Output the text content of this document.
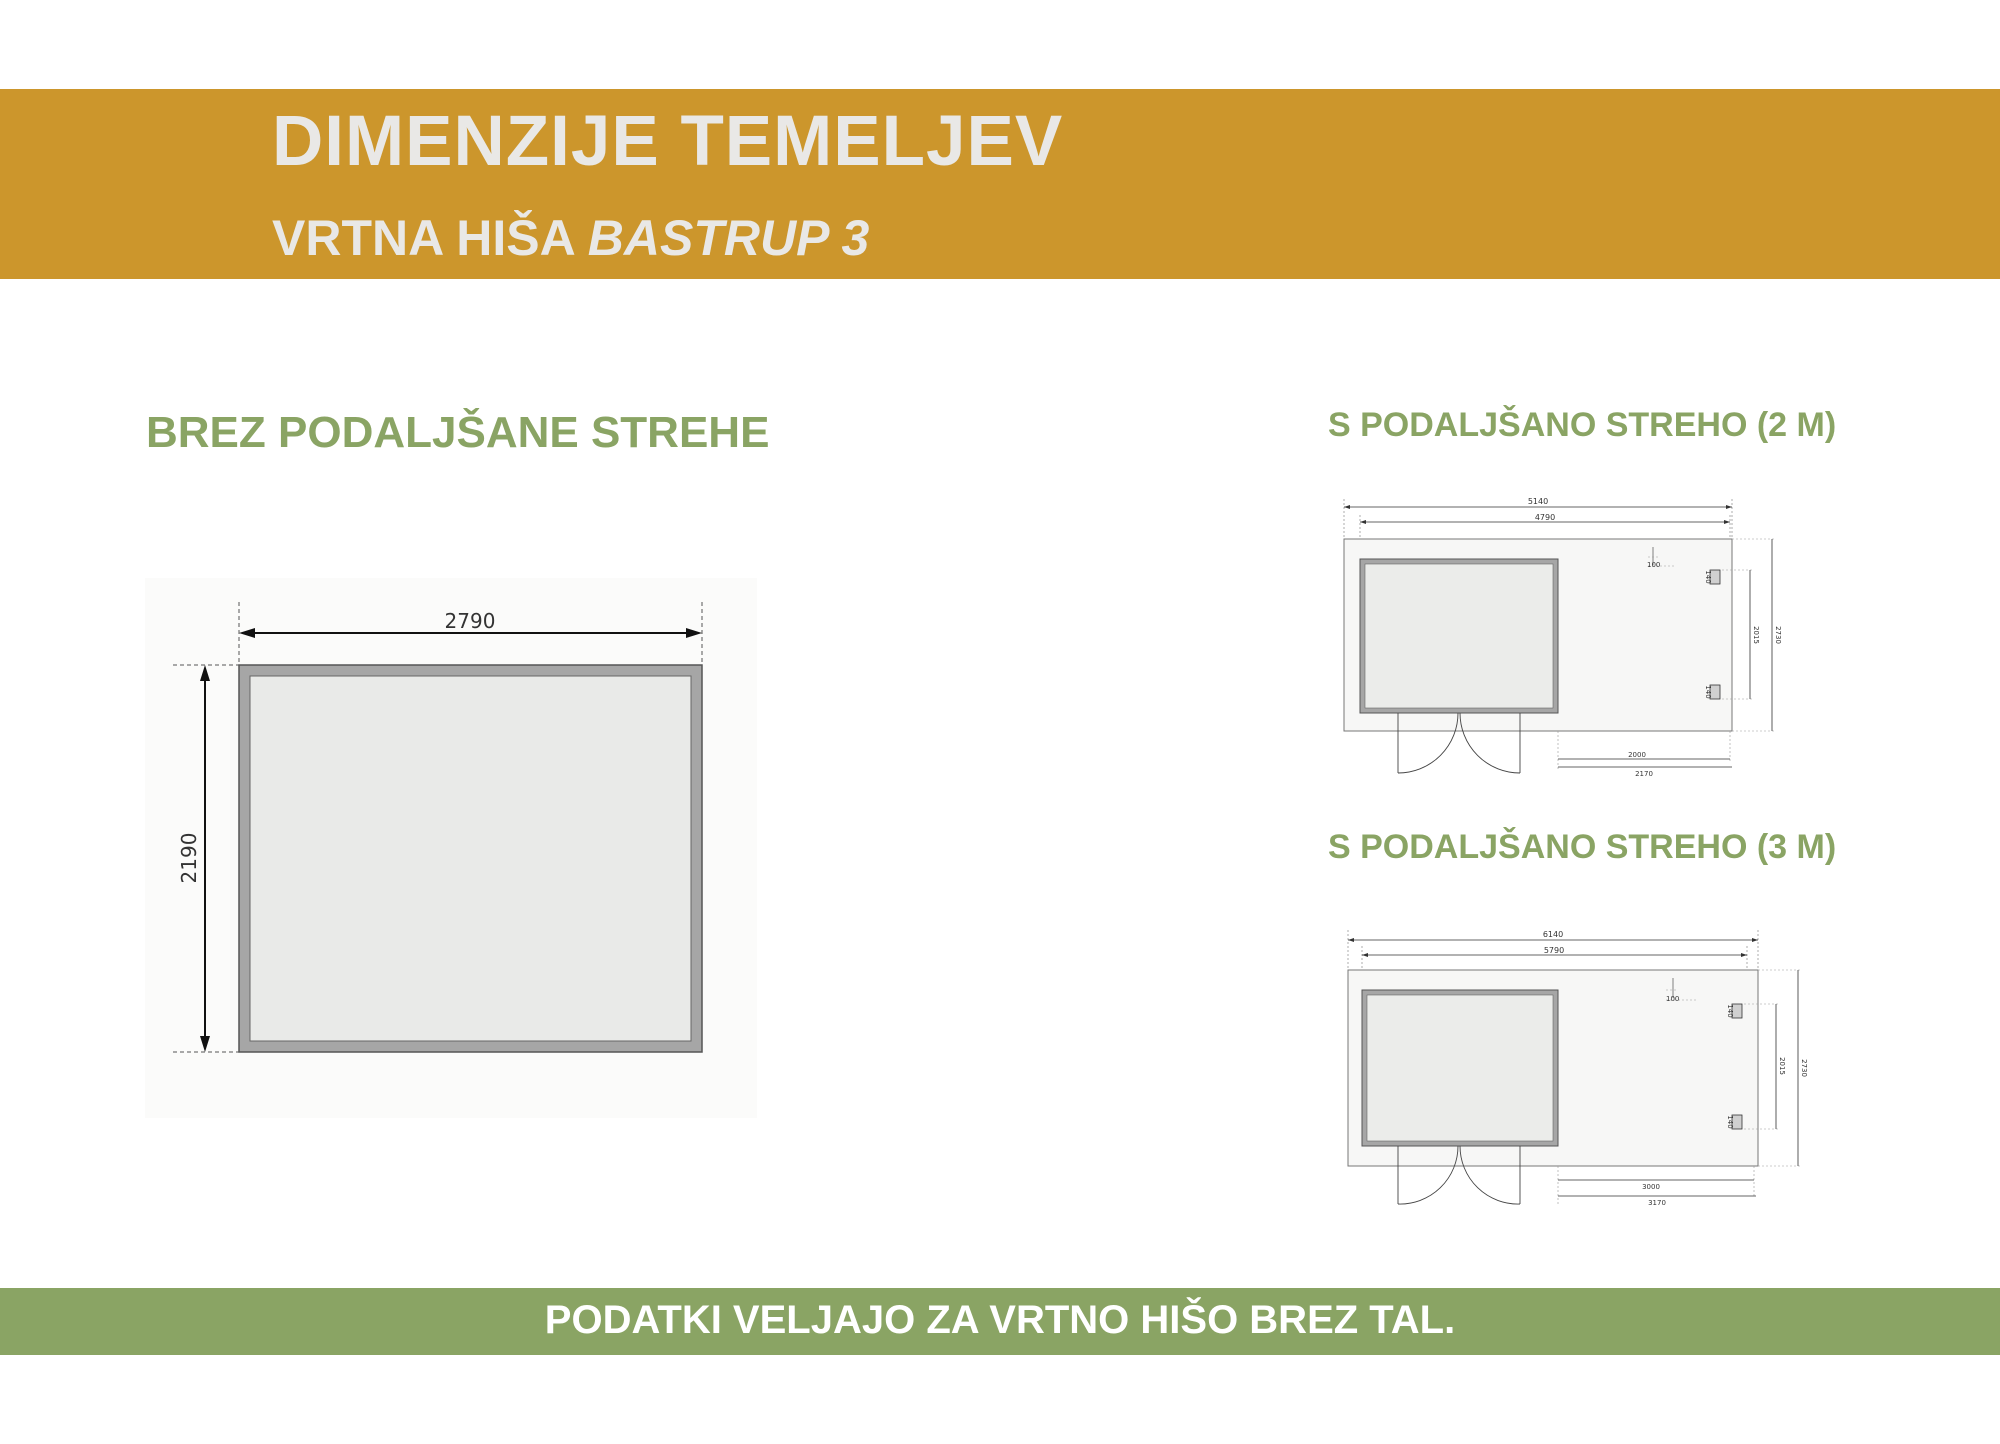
DIMENZIJE TEMELJEV
VRTNA HIŠA BASTRUP 3
BREZ PODALJŠANE STREHE	S PODALJŠANO STREHO (2 M)
S PODALJŠANO STREHO (3 M)
2790
2190
5140
4790
100
140
140
2015 2730
2000
2170
6140
5790
100
140
140
2015 2730
3000
3170
PODATKI VELJAJO ZA VRTNO HIŠO BREZ TAL.
